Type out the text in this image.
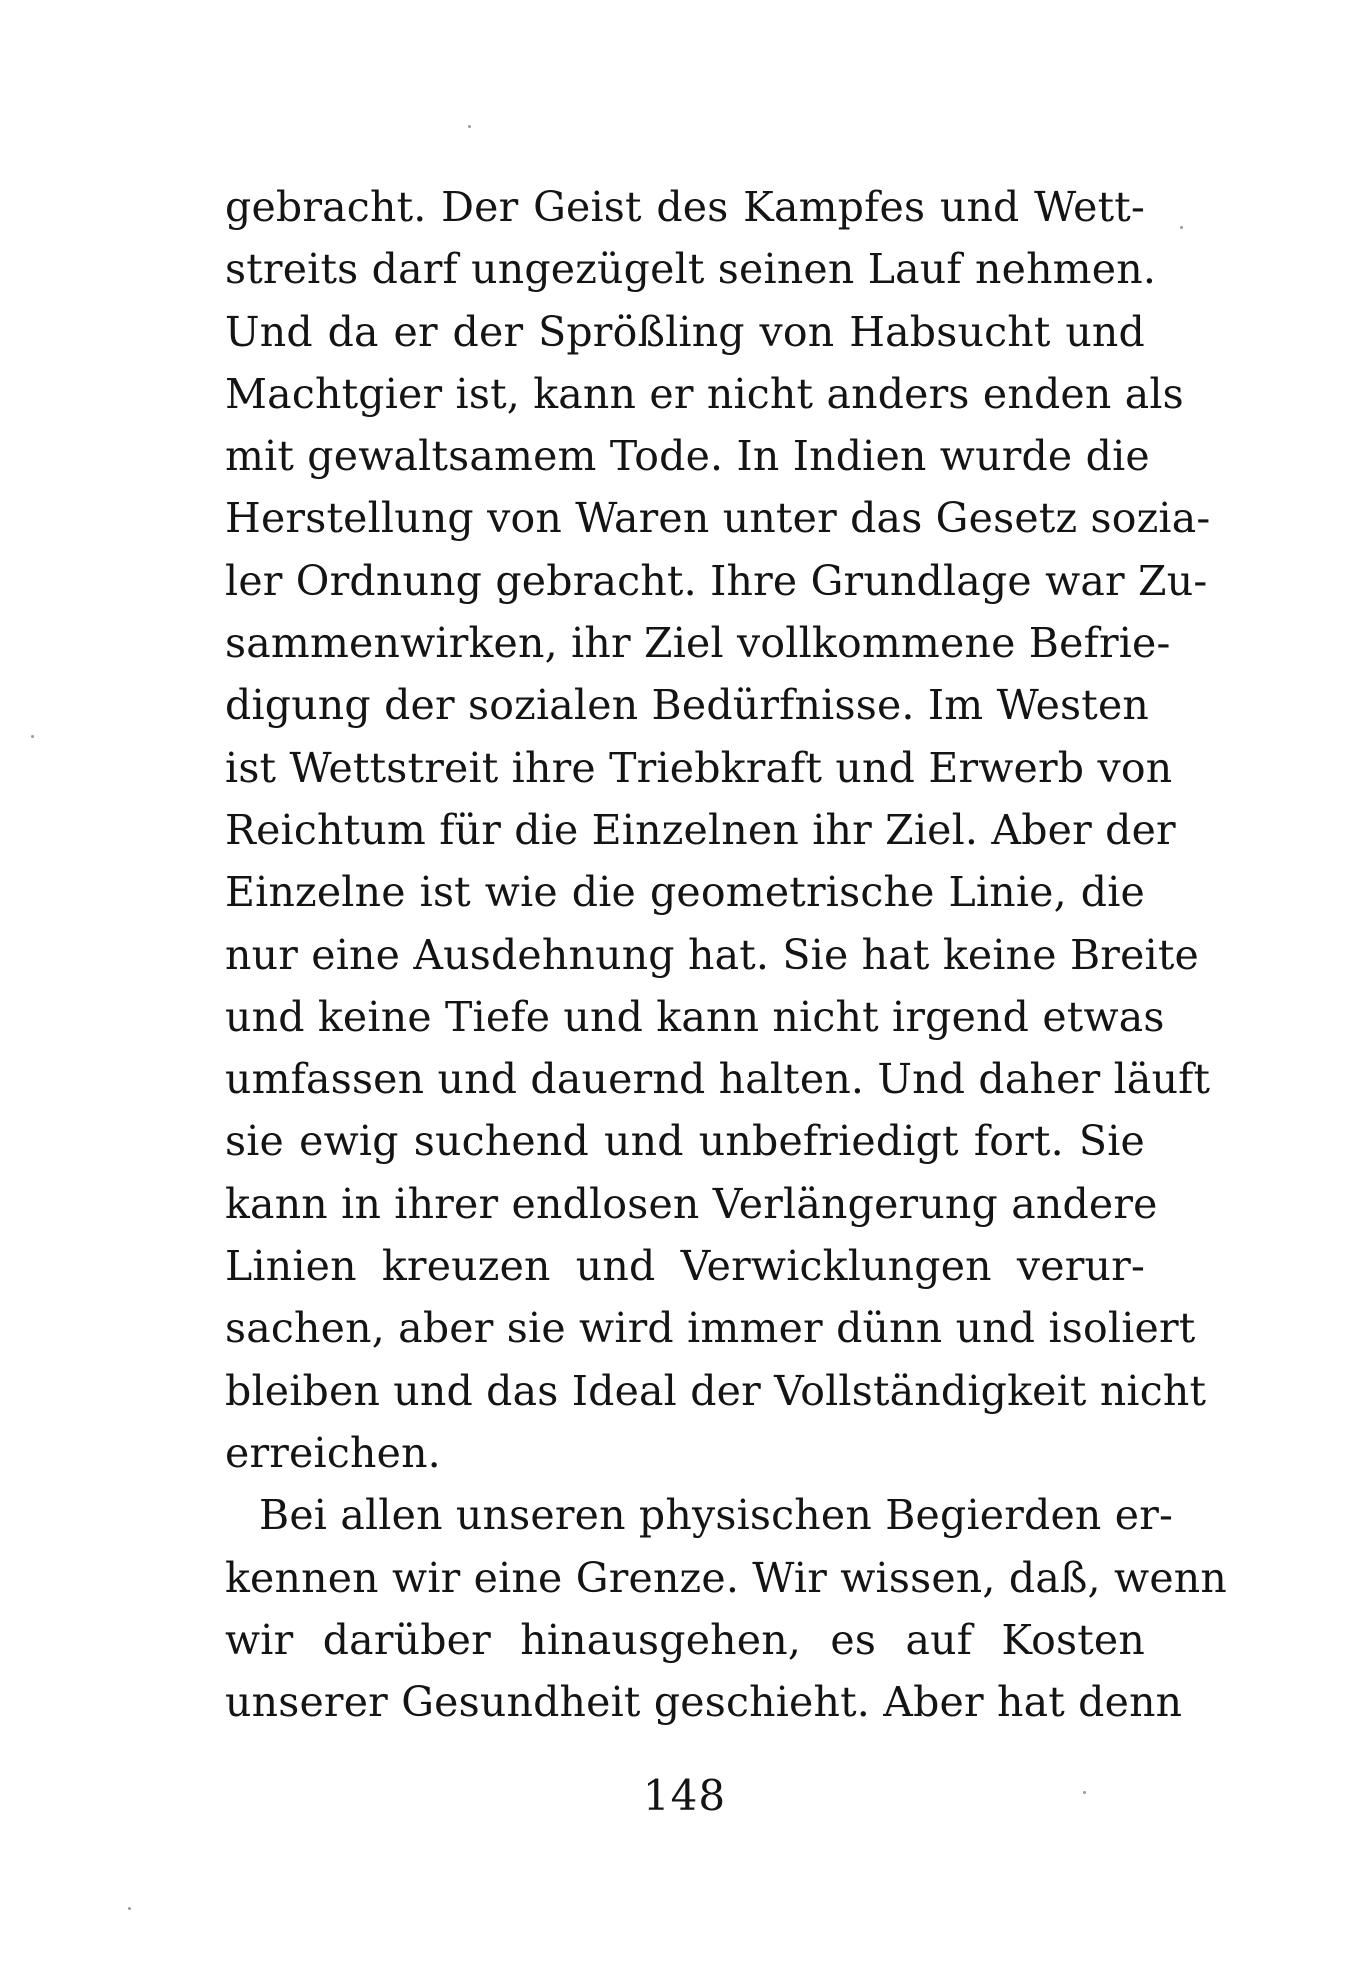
gebracht. Der Geist des Kampfes und Wett-
streits darf ungezügelt seinen Lauf nehmen.
Und da er der Sprößling von Habsucht und
Machtgier ist, kann er nicht anders enden als
mit gewaltsamem Tode. In Indien wurde die
Herstellung von Waren unter das Gesetz sozia-
ler Ordnung gebracht. Ihre Grundlage war Zu-
sammenwirken, ihr Ziel vollkommene Befrie-
digung der sozialen Bedürfnisse. Im Westen
ist Wettstreit ihre Triebkraft und Erwerb von
Reichtum für die Einzelnen ihr Ziel. Aber der
Einzelne ist wie die geometrische Linie, die
nur eine Ausdehnung hat. Sie hat keine Breite
und keine Tiefe und kann nicht irgend etwas
umfassen und dauernd halten. Und daher läuft
sie ewig suchend und unbefriedigt fort. Sie
kann in ihrer endlosen Verlängerung andere
Linien kreuzen und Verwicklungen verur-
sachen, aber sie wird immer dünn und isoliert
bleiben und das Ideal der Vollständigkeit nicht
erreichen.
Bei allen unseren physischen Begierden er-
kennen wir eine Grenze. Wir wissen, daß, wenn
wir darüber hinausgehen, es auf Kosten
unserer Gesundheit geschieht. Aber hat denn
148
